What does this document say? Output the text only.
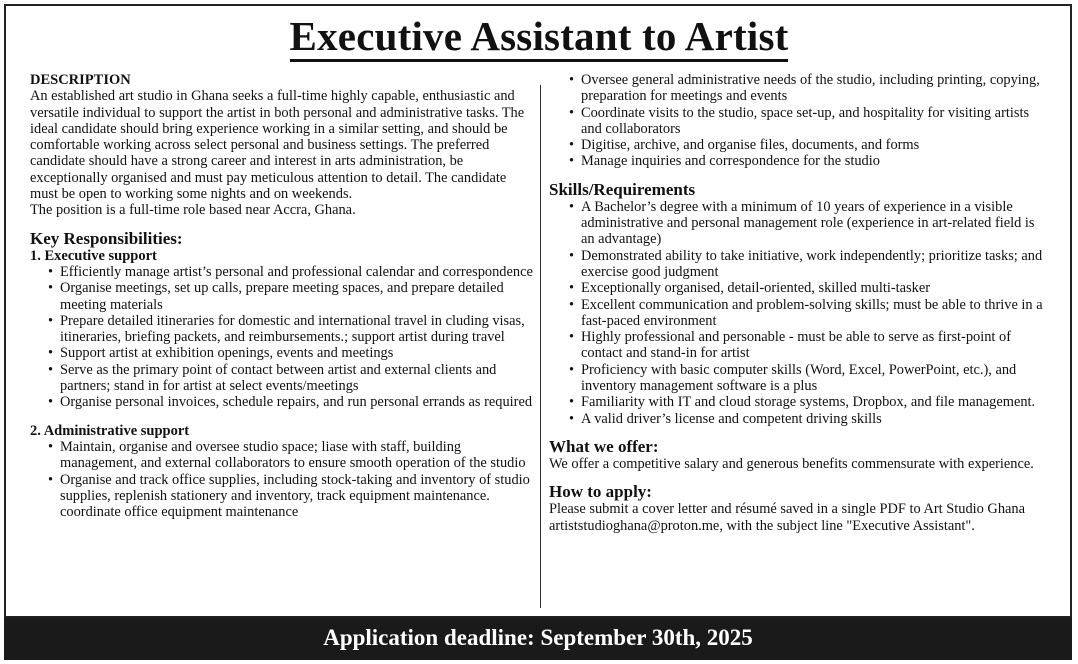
Executive Assistant to Artist
DESCRIPTION

An established art studio in Ghana seeks a full-time highly capable, enthusiastic and versatile individual to support the artist in both personal and administrative tasks. The ideal candidate should bring experience working in a similar setting, and should be comfortable working across select personal and business settings. The preferred candidate should have a strong career and interest in arts administration, be exceptionally organised and must pay meticulous attention to detail. The candidate must be open to working some nights and on weekends.

The position is a full-time role based near Accra, Ghana.

Key Responsibilities:
1. Executive support
• Efficiently manage artist’s personal and professional calendar and correspondence
• Organise meetings, set up calls, prepare meeting spaces, and prepare detailed meeting materials
• Prepare detailed itineraries for domestic and international travel in cluding visas, itineraries, briefing packets, and reimbursements.; support artist during travel
• Support artist at exhibition openings, events and meetings
• Serve as the primary point of contact between artist and external clients and partners; stand in for artist at select events/meetings
• Organise personal invoices, schedule repairs, and run personal errands as required
2. Administrative support
• Maintain, organise and oversee studio space; liase with staff, building management, and external collaborators to ensure smooth operation of the studio
• Organise and track office supplies, including stock-taking and inventory of studio supplies, replenish stationery and inventory, track equipment maintenance. coordinate office equipment maintenance
• Oversee general administrative needs of the studio, including printing, copying, preparation for meetings and events
• Coordinate visits to the studio, space set-up, and hospitality for visiting artists and collaborators
• Digitise, archive, and organise files, documents, and forms
• Manage inquiries and correspondence for the studio
Skills/Requirements
• A Bachelor’s degree with a minimum of 10 years of experience in a visible administrative and personal management role (experience in art-related field is an advantage)
• Demonstrated ability to take initiative, work independently; prioritize tasks; and exercise good judgment
• Exceptionally organised, detail-oriented, skilled multi-tasker
• Excellent communication and problem-solving skills; must be able to thrive in a fast-paced environment
• Highly professional and personable - must be able to serve as first-point of contact and stand-in for artist
• Proficiency with basic computer skills (Word, Excel, PowerPoint, etc.), and inventory management software is a plus
• Familiarity with IT and cloud storage systems, Dropbox, and file management.
• A valid driver’s license and competent driving skills
What we offer:
We offer a competitive salary and generous benefits commensurate with experience.
How to apply:
Please submit a cover letter and résumé saved in a single PDF to Art Studio Ghana artiststudioghana@proton.me, with the subject line "Executive Assistant".
Application deadline: September 30th, 2025
